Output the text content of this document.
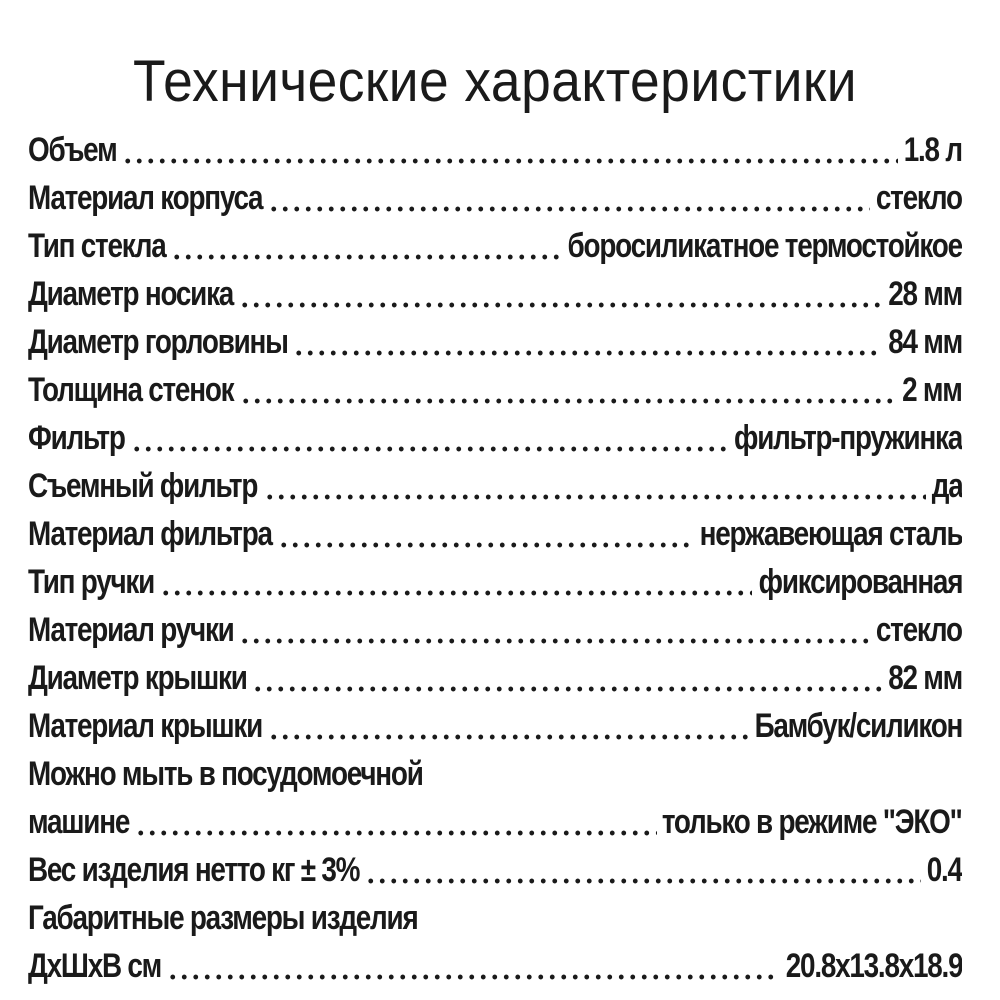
Технические характеристики
Объем	1.8 л
Материал корпуса	стекло
Тип стекла	боросиликатное термостойкое
Диаметр носика	28 мм
Диаметр горловины	84 мм
Толщина стенок	2 мм
Фильтр	фильтр-пружинка
Съемный фильтр	да
Материал фильтра	нержавеющая сталь
Тип ручки	фиксированная
Материал ручки	стекло
Диаметр крышки	82 мм
Материал крышки	Бамбук/силикон
Можно мыть в посудомоечной
машине	только в режиме "ЭКО"
Вес изделия нетто кг ± 3%	0.4
Габаритные размеры изделия
ДхШхВ см	20.8х13.8х18.9
